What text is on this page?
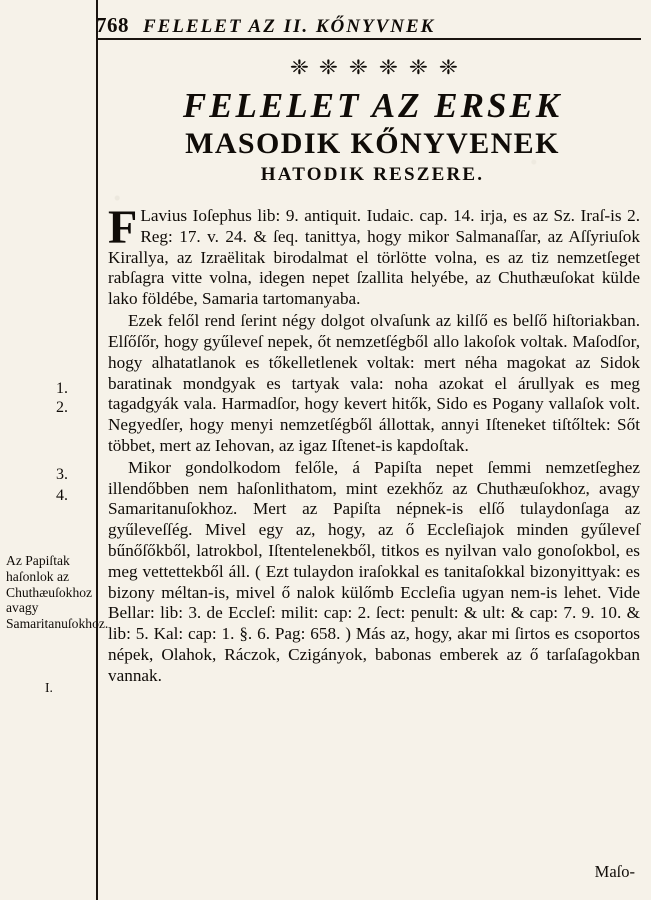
768 FELELET AZ II. KŐNYVNEK
❈ ❈ ❈ ❈ ❈ ❈
FELELET AZ ERSEK
MASODIK KŐNYVENEK
HATODIK RESZERE.
1.
2.
3.
4.
Az Papiſtak haſonlok az Chuthæuſokhoz avagy Samaritanuſokhoz.
I.

F Lavius Ioſephus lib: 9. antiquit. Iudaic. cap. 14. irja, es az Sz. Iraſ-is 2. Reg: 17. v. 24. & ſeq. tanittya, hogy mikor Salmanaſſar, az Aſſyriuſok Kirallya, az Izraëlitak birodalmat el törlötte volna, es az tiz nemzetſeget rabſagra vitte volna, idegen nepet ſzallita helyébe, az Chuthæuſokat külde lako földébe, Samaria tartomanyaba.

Ezek felől rend ſerint négy dolgot olvaſunk az kilſő es belſő hiſtoriakban. Elſőſőr, hogy gyűleveſ nepek, őt nemzetſégből allo lakoſok voltak. Maſodſor, hogy alhatatlanok es tőkelletlenek voltak: mert néha magokat az Sidok baratinak mondgyak es tartyak vala: noha azokat el árullyak es meg tagadgyák vala. Harmadſor, hogy kevert hitők, Sido es Pogany vallaſok volt. Negyedſer, hogy menyi nemzetſégből állottak, annyi Iſteneket tiſtőltek: Sőt többet, mert az Iehovan, az igaz Iſtenet-is kapdoſtak.

Mikor gondolkodom felőle, á Papiſta nepet ſemmi nemzetſeghez illendőbben nem haſonlithatom, mint ezekhőz az Chuthæuſokhoz, avagy Samaritanuſokhoz. Mert az Papiſta népnek-is elſő tulaydonſaga az gyűleveſſég. Mivel egy az, hogy, az ő Eccleſiajok minden gyűleveſ bűnőſőkből, latrokbol, Iſtentelenekből, titkos es nyilvan valo gonoſokbol, es meg vettettekből áll. ( Ezt tulaydon iraſokkal es tanitaſokkal bizonyittyak: es bizony méltan-is, mivel ő nalok külőmb Eccleſia ugyan nem-is lehet. Vide Bellar: lib: 3. de Eccleſ: milit: cap: 2. ſect: penult: & ult: & cap: 7. 9. 10. & lib: 5. Kal: cap: 1. §. 6. Pag: 658. ) Más az, hogy, akar mi ſirtos es csoportos népek, Olahok, Ráczok, Czigányok, babonas emberek az ő tarſaſagokban vannak.

Maſo-
